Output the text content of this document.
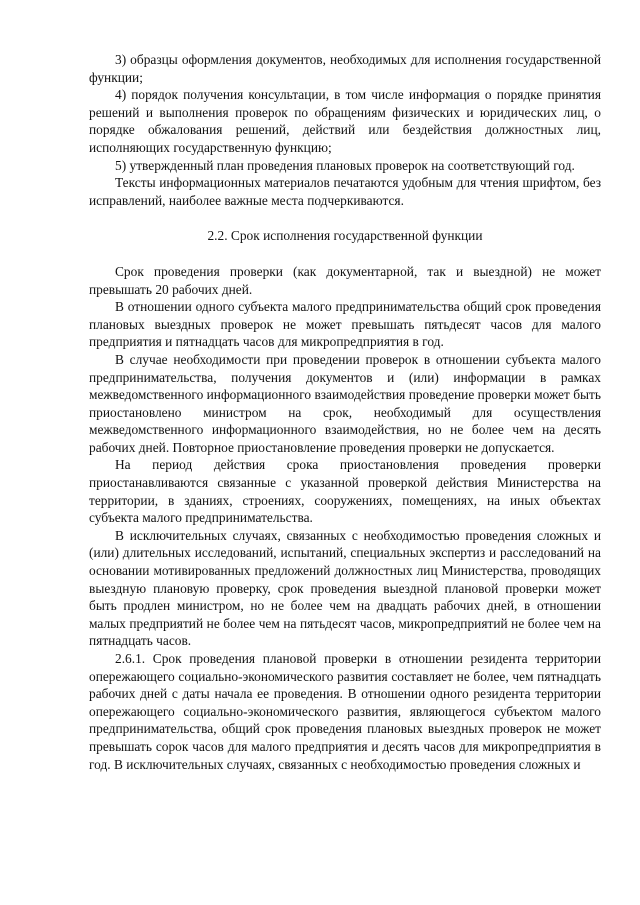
3) образцы оформления документов, необходимых для исполнения государственной функции;

4) порядок получения консультации, в том числе информация о порядке принятия решений и выполнения проверок по обращениям физических и юридических лиц, о порядке обжалования решений, действий или бездействия должностных лиц, исполняющих государственную функцию;

5) утвержденный план проведения плановых проверок на соответствующий год.

Тексты информационных материалов печатаются удобным для чтения шрифтом, без исправлений, наиболее важные места подчеркиваются.

2.2. Срок исполнения государственной функции

Срок проведения проверки (как документарной, так и выездной) не может превышать 20 рабочих дней.

В отношении одного субъекта малого предпринимательства общий срок проведения плановых выездных проверок не может превышать пятьдесят часов для малого предприятия и пятнадцать часов для микропредприятия в год.

В случае необходимости при проведении проверок в отношении субъекта малого предпринимательства, получения документов и (или) информации в рамках межведомственного информационного взаимодействия проведение проверки может быть приостановлено министром на срок, необходимый для осуществления межведомственного информационного взаимодействия, но не более чем на десять рабочих дней. Повторное приостановление проведения проверки не допускается.

На период действия срока приостановления проведения проверки приостанавливаются связанные с указанной проверкой действия Министерства на территории, в зданиях, строениях, сооружениях, помещениях, на иных объектах субъекта малого предпринимательства.

В исключительных случаях, связанных с необходимостью проведения сложных и (или) длительных исследований, испытаний, специальных экспертиз и расследований на основании мотивированных предложений должностных лиц Министерства, проводящих выездную плановую проверку, срок проведения выездной плановой проверки может быть продлен министром, но не более чем на двадцать рабочих дней, в отношении малых предприятий не более чем на пятьдесят часов, микропредприятий не более чем на пятнадцать часов.

2.6.1. Срок проведения плановой проверки в отношении резидента территории опережающего социально-экономического развития составляет не более, чем пятнадцать рабочих дней с даты начала ее проведения. В отношении одного резидента территории опережающего социально-экономического развития, являющегося субъектом малого предпринимательства, общий срок проведения плановых выездных проверок не может превышать сорок часов для малого предприятия и десять часов для микропредприятия в год. В исключительных случаях, связанных с необходимостью проведения сложных и
